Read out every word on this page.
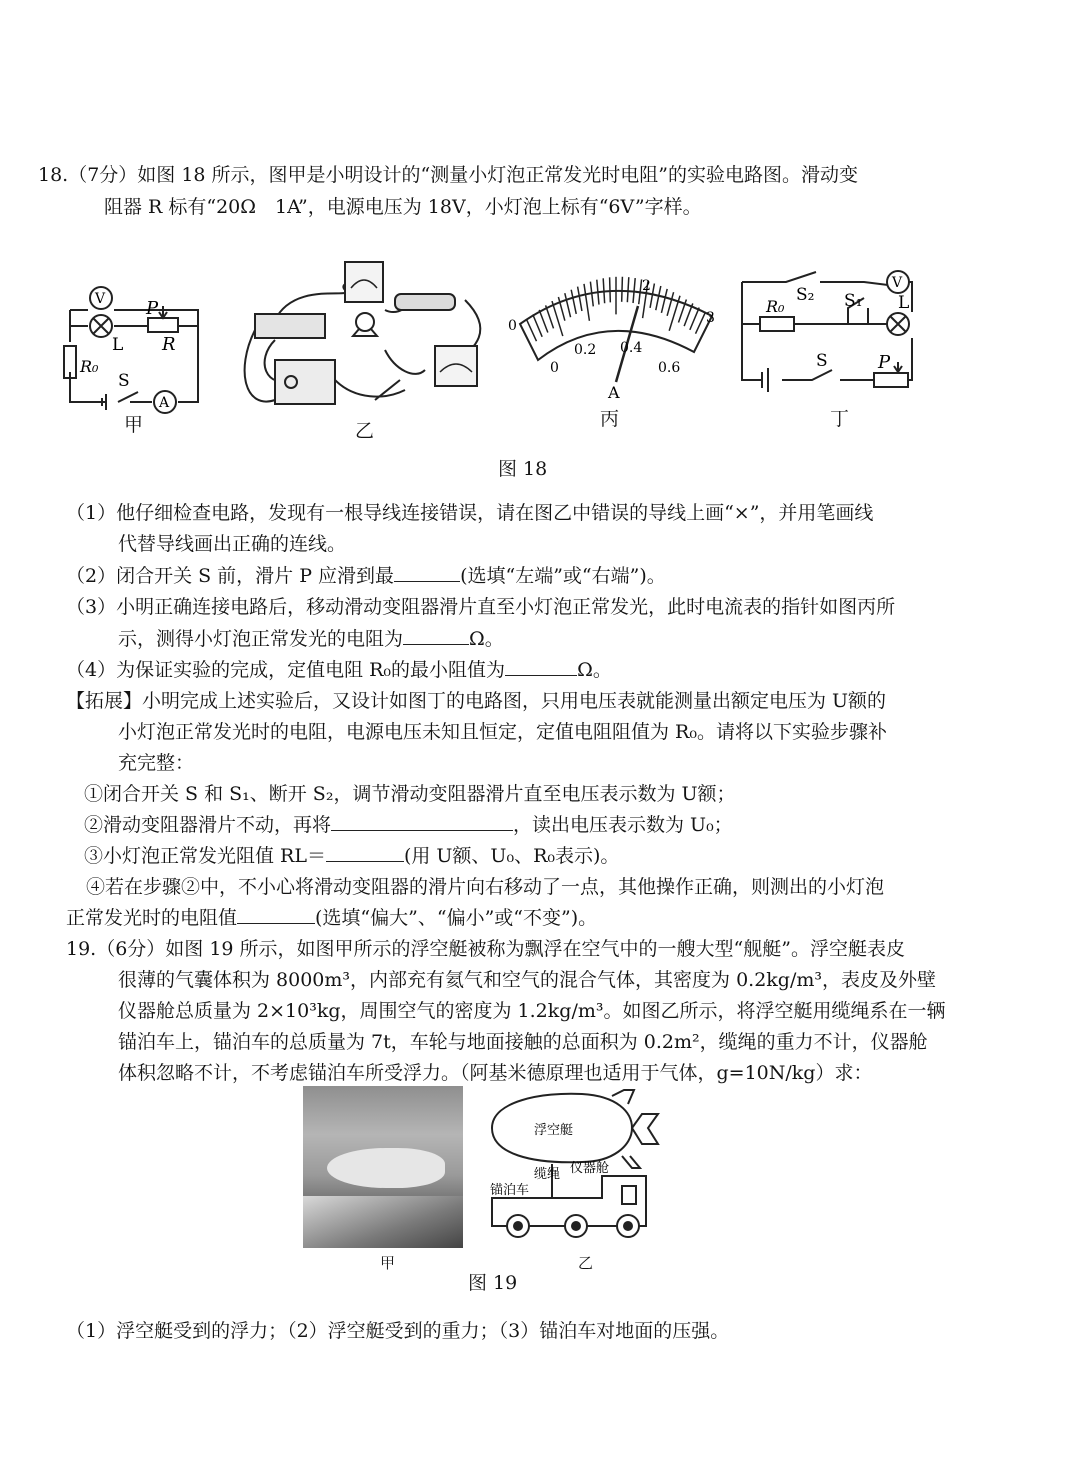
18.（7分）如图 18 所示，图甲是小明设计的“测量小灯泡正常发光时电阻”的实验电路图。滑动变
阻器 R 标有“20Ω　1A”，电源电压为 18V，小灯泡上标有“6V”字样。
V
A
L
P
R
R₀
S
甲	乙
0
2
3
0
0.2 0.4
0.6
A
丙
V
S₂ S₁ L
R₀
S	P
丁
图 18
（1）他仔细检查电路，发现有一根导线连接错误，请在图乙中错误的导线上画“×”，并用笔画线
代替导线画出正确的连线。
（2）闭合开关 S 前，滑片 P 应滑到最	(选填“左端”或“右端”)。
（3）小明正确连接电路后，移动滑动变阻器滑片直至小灯泡正常发光，此时电流表的指针如图丙所
示，测得小灯泡正常发光的电阻为	Ω。
（4）为保证实验的完成，定值电阻 R₀的最小阻值为	Ω。
【拓展】小明完成上述实验后，又设计如图丁的电路图，只用电压表就能测量出额定电压为 U额的
小灯泡正常发光时的电阻，电源电压未知且恒定，定值电阻阻值为 R₀。请将以下实验步骤补
充完整：
①闭合开关 S 和 S₁、断开 S₂，调节滑动变阻器滑片直至电压表示数为 U额；
②滑动变阻器滑片不动，再将	，读出电压表示数为 U₀；
③小灯泡正常发光阻值 RL＝	(用 U额、U₀、R₀表示)。
④若在步骤②中，不小心将滑动变阻器的滑片向右移动了一点，其他操作正确，则测出的小灯泡
正常发光时的电阻值	(选填“偏大”、“偏小”或“不变”)。
19.（6分）如图 19 所示，如图甲所示的浮空艇被称为飘浮在空气中的一艘大型“舰艇”。浮空艇表皮
很薄的气囊体积为 8000m³，内部充有氦气和空气的混合气体，其密度为 0.2kg/m³，表皮及外壁
仪器舱总质量为 2×10³kg，周围空气的密度为 1.2kg/m³。如图乙所示，将浮空艇用缆绳系在一辆
锚泊车上，锚泊车的总质量为 7t，车轮与地面接触的总面积为 0.2m²，缆绳的重力不计，仪器舱
体积忽略不计，不考虑锚泊车所受浮力。（阿基米德原理也适用于气体，g=10N/kg）求：
甲
浮空艇
缆绳 仪器舱
锚泊车
乙
图 19
（1）浮空艇受到的浮力；（2）浮空艇受到的重力；（3）锚泊车对地面的压强。
